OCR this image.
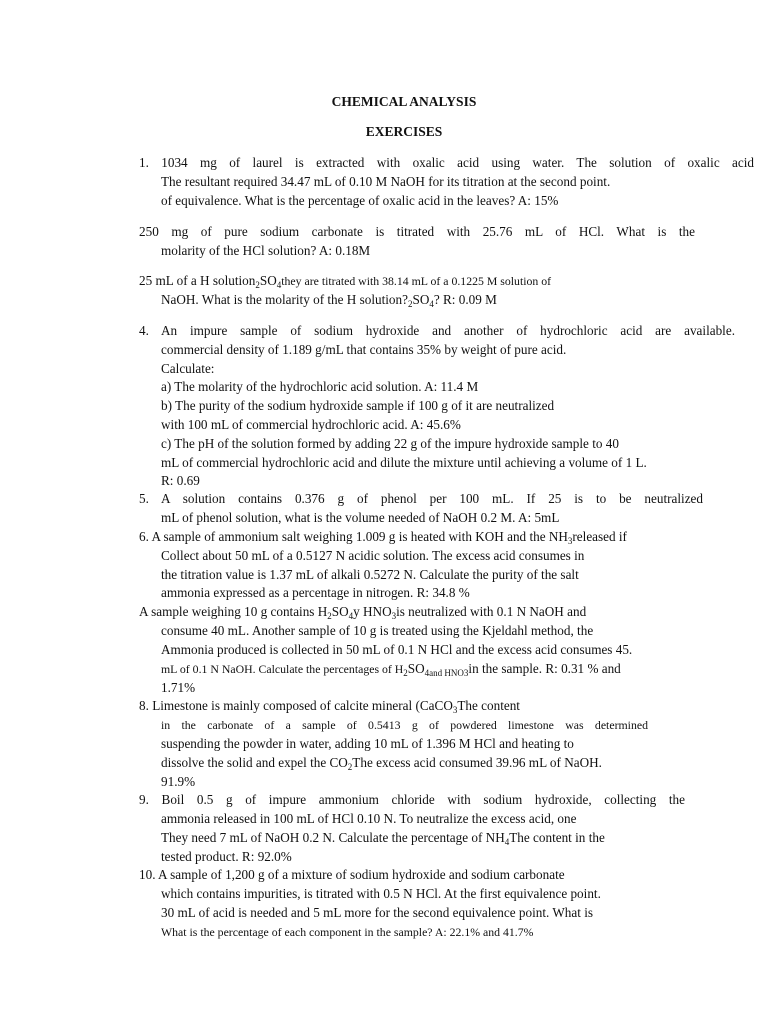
CHEMICAL ANALYSIS
EXERCISES
1. 1034 mg of laurel is extracted with oxalic acid using water. The solution of oxalic acid
The resultant required 34.47 mL of 0.10 M NaOH for its titration at the second point.
of equivalence. What is the percentage of oxalic acid in the leaves? A: 15%
250 mg of pure sodium carbonate is titrated with 25.76 mL of HCl. What is the
molarity of the HCl solution? A: 0.18M
25 mL of a H $solution_2SO_4they$ are titrated with 38.14 mL of a 0.1225 M solution of
NaOH. What is the molarity of the H $solution?_2SO_4$? R: 0.09 M
4. An impure sample of sodium hydroxide and another of hydrochloric acid are available.
commercial density of 1.189 g/mL that contains 35% by weight of pure acid.
Calculate:
a) The molarity of the hydrochloric acid solution. A: 11.4 M
b) The purity of the sodium hydroxide sample if 100 g of it are neutralized
with 100 mL of commercial hydrochloric acid. A: 45.6%
c) The pH of the solution formed by adding 22 g of the impure hydroxide sample to 40
mL of commercial hydrochloric acid and dilute the mixture until achieving a volume of 1 L.
R: 0.69
5. A solution contains 0.376 g of phenol per 100 mL. If 25 is to be neutralized
mL of phenol solution, what is the volume needed of NaOH 0.2 M. A: 5mL
6. A sample of ammonium salt weighing 1.009 g is heated with KOH and the $NH_3released$ if
Collect about 50 mL of a 0.5127 N acidic solution. The excess acid consumes in
the titration value is 1.37 mL of alkali 0.5272 N. Calculate the purity of the salt
ammonia expressed as a percentage in nitrogen. R: 34.8 %
A sample weighing 10 g contains $H_2SO_4y$ $HNO_3is$ neutralized with 0.1 N NaOH and
consume 40 mL. Another sample of 10 g is treated using the Kjeldahl method, the
Ammonia produced is collected in 50 mL of 0.1 N HCl and the excess acid consumes 45.
mL of 0.1 N NaOH. Calculate the percentages of $H_2SO_{4and HNO3}in$ the sample. R: 0.31 % and
1.71%
8. Limestone is mainly composed of calcite mineral (CaCO$_3$The content
in the carbonate of a sample of 0.5413 g of powdered limestone was determined
suspending the powder in water, adding 10 mL of 1.396 M HCl and heating to
dissolve the solid and expel the $CO_2The$ excess acid consumed 39.96 mL of NaOH.
91.9%
9. Boil 0.5 g of impure ammonium chloride with sodium hydroxide, collecting the
ammonia released in 100 mL of HCl 0.10 N. To neutralize the excess acid, one
They need 7 mL of NaOH 0.2 N. Calculate the percentage of $NH_4The$ content in the
tested product. R: 92.0%
10. A sample of 1,200 g of a mixture of sodium hydroxide and sodium carbonate
which contains impurities, is titrated with 0.5 N HCl. At the first equivalence point.
30 mL of acid is needed and 5 mL more for the second equivalence point. What is
What is the percentage of each component in the sample? A: 22.1% and 41.7%
